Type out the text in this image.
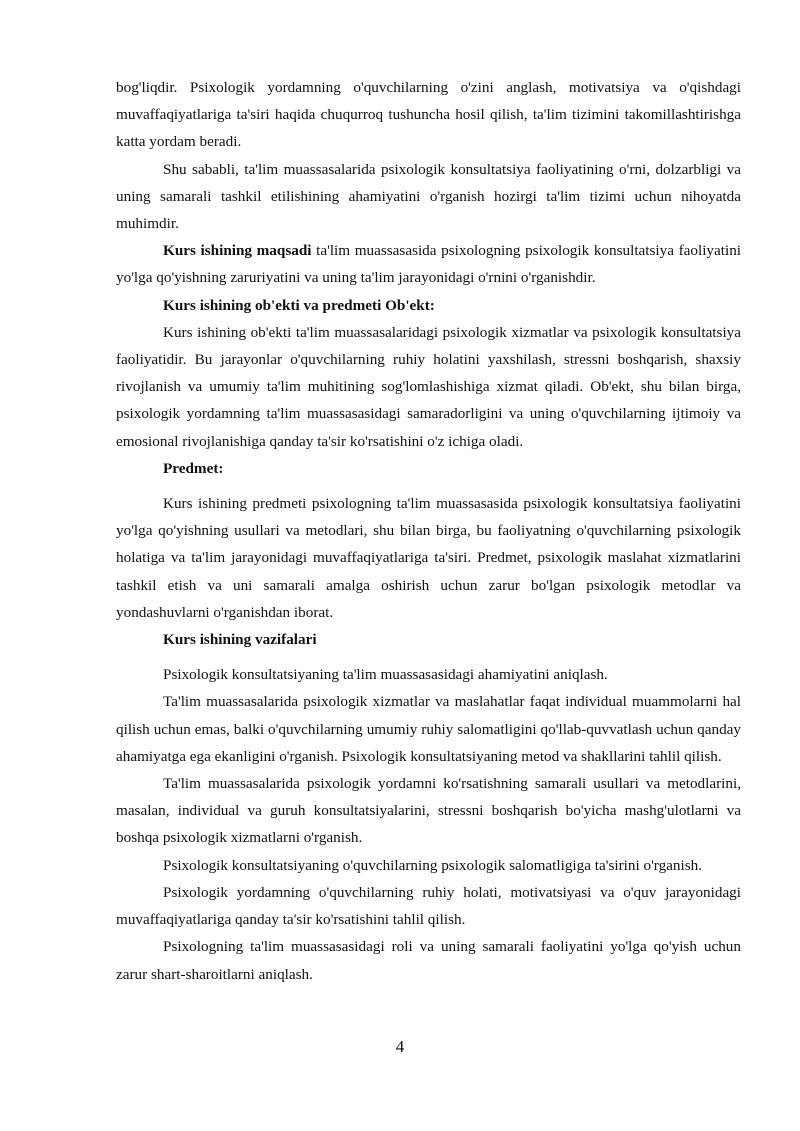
bog'liqdir. Psixologik yordamning o'quvchilarning o'zini anglash, motivatsiya va o'qishdagi muvaffaqiyatlariga ta'siri haqida chuqurroq tushuncha hosil qilish, ta'lim tizimini takomillashtirishga katta yordam beradi.

Shu sababli, ta'lim muassasalarida psixologik konsultatsiya faoliyatining o'rni, dolzarbligi va uning samarali tashkil etilishining ahamiyatini o'rganish hozirgi ta'lim tizimi uchun nihoyatda muhimdir.

Kurs ishining maqsadi ta'lim muassasasida psixologning psixologik konsultatsiya faoliyatini yo'lga qo'yishning zaruriyatini va uning ta'lim jarayonidagi o'rnini o'rganishdir.

Kurs ishining ob'ekti va predmeti Ob'ekt:

Kurs ishining ob'ekti ta'lim muassasalaridagi psixologik xizmatlar va psixologik konsultatsiya faoliyatidir. Bu jarayonlar o'quvchilarning ruhiy holatini yaxshilash, stressni boshqarish, shaxsiy rivojlanish va umumiy ta'lim muhitining sog'lomlashishiga xizmat qiladi. Ob'ekt, shu bilan birga, psixologik yordamning ta'lim muassasasidagi samaradorligini va uning o'quvchilarning ijtimoiy va emosional rivojlanishiga qanday ta'sir ko'rsatishini o'z ichiga oladi.

Predmet:

Kurs ishining predmeti psixologning ta'lim muassasasida psixologik konsultatsiya faoliyatini yo'lga qo'yishning usullari va metodlari, shu bilan birga, bu faoliyatning o'quvchilarning psixologik holatiga va ta'lim jarayonidagi muvaffaqiyatlariga ta'siri. Predmet, psixologik maslahat xizmatlarini tashkil etish va uni samarali amalga oshirish uchun zarur bo'lgan psixologik metodlar va yondashuvlarni o'rganishdan iborat.

Kurs ishining vazifalari

Psixologik konsultatsiyaning ta'lim muassasasidagi ahamiyatini aniqlash.

Ta'lim muassasalarida psixologik xizmatlar va maslahatlar faqat individual muammolarni hal qilish uchun emas, balki o'quvchilarning umumiy ruhiy salomatligini qo'llab-quvvatlash uchun qanday ahamiyatga ega ekanligini o'rganish. Psixologik konsultatsiyaning metod va shakllarini tahlil qilish.

Ta'lim muassasalarida psixologik yordamni ko'rsatishning samarali usullari va metodlarini, masalan, individual va guruh konsultatsiyalarini, stressni boshqarish bo'yicha mashg'ulotlarni va boshqa psixologik xizmatlarni o'rganish.

Psixologik konsultatsiyaning o'quvchilarning psixologik salomatligiga ta'sirini o'rganish.

Psixologik yordamning o'quvchilarning ruhiy holati, motivatsiyasi va o'quv jarayonidagi muvaffaqiyatlariga qanday ta'sir ko'rsatishini tahlil qilish.

Psixologning ta'lim muassasasidagi roli va uning samarali faoliyatini yo'lga qo'yish uchun zarur shart-sharoitlarni aniqlash.

4
